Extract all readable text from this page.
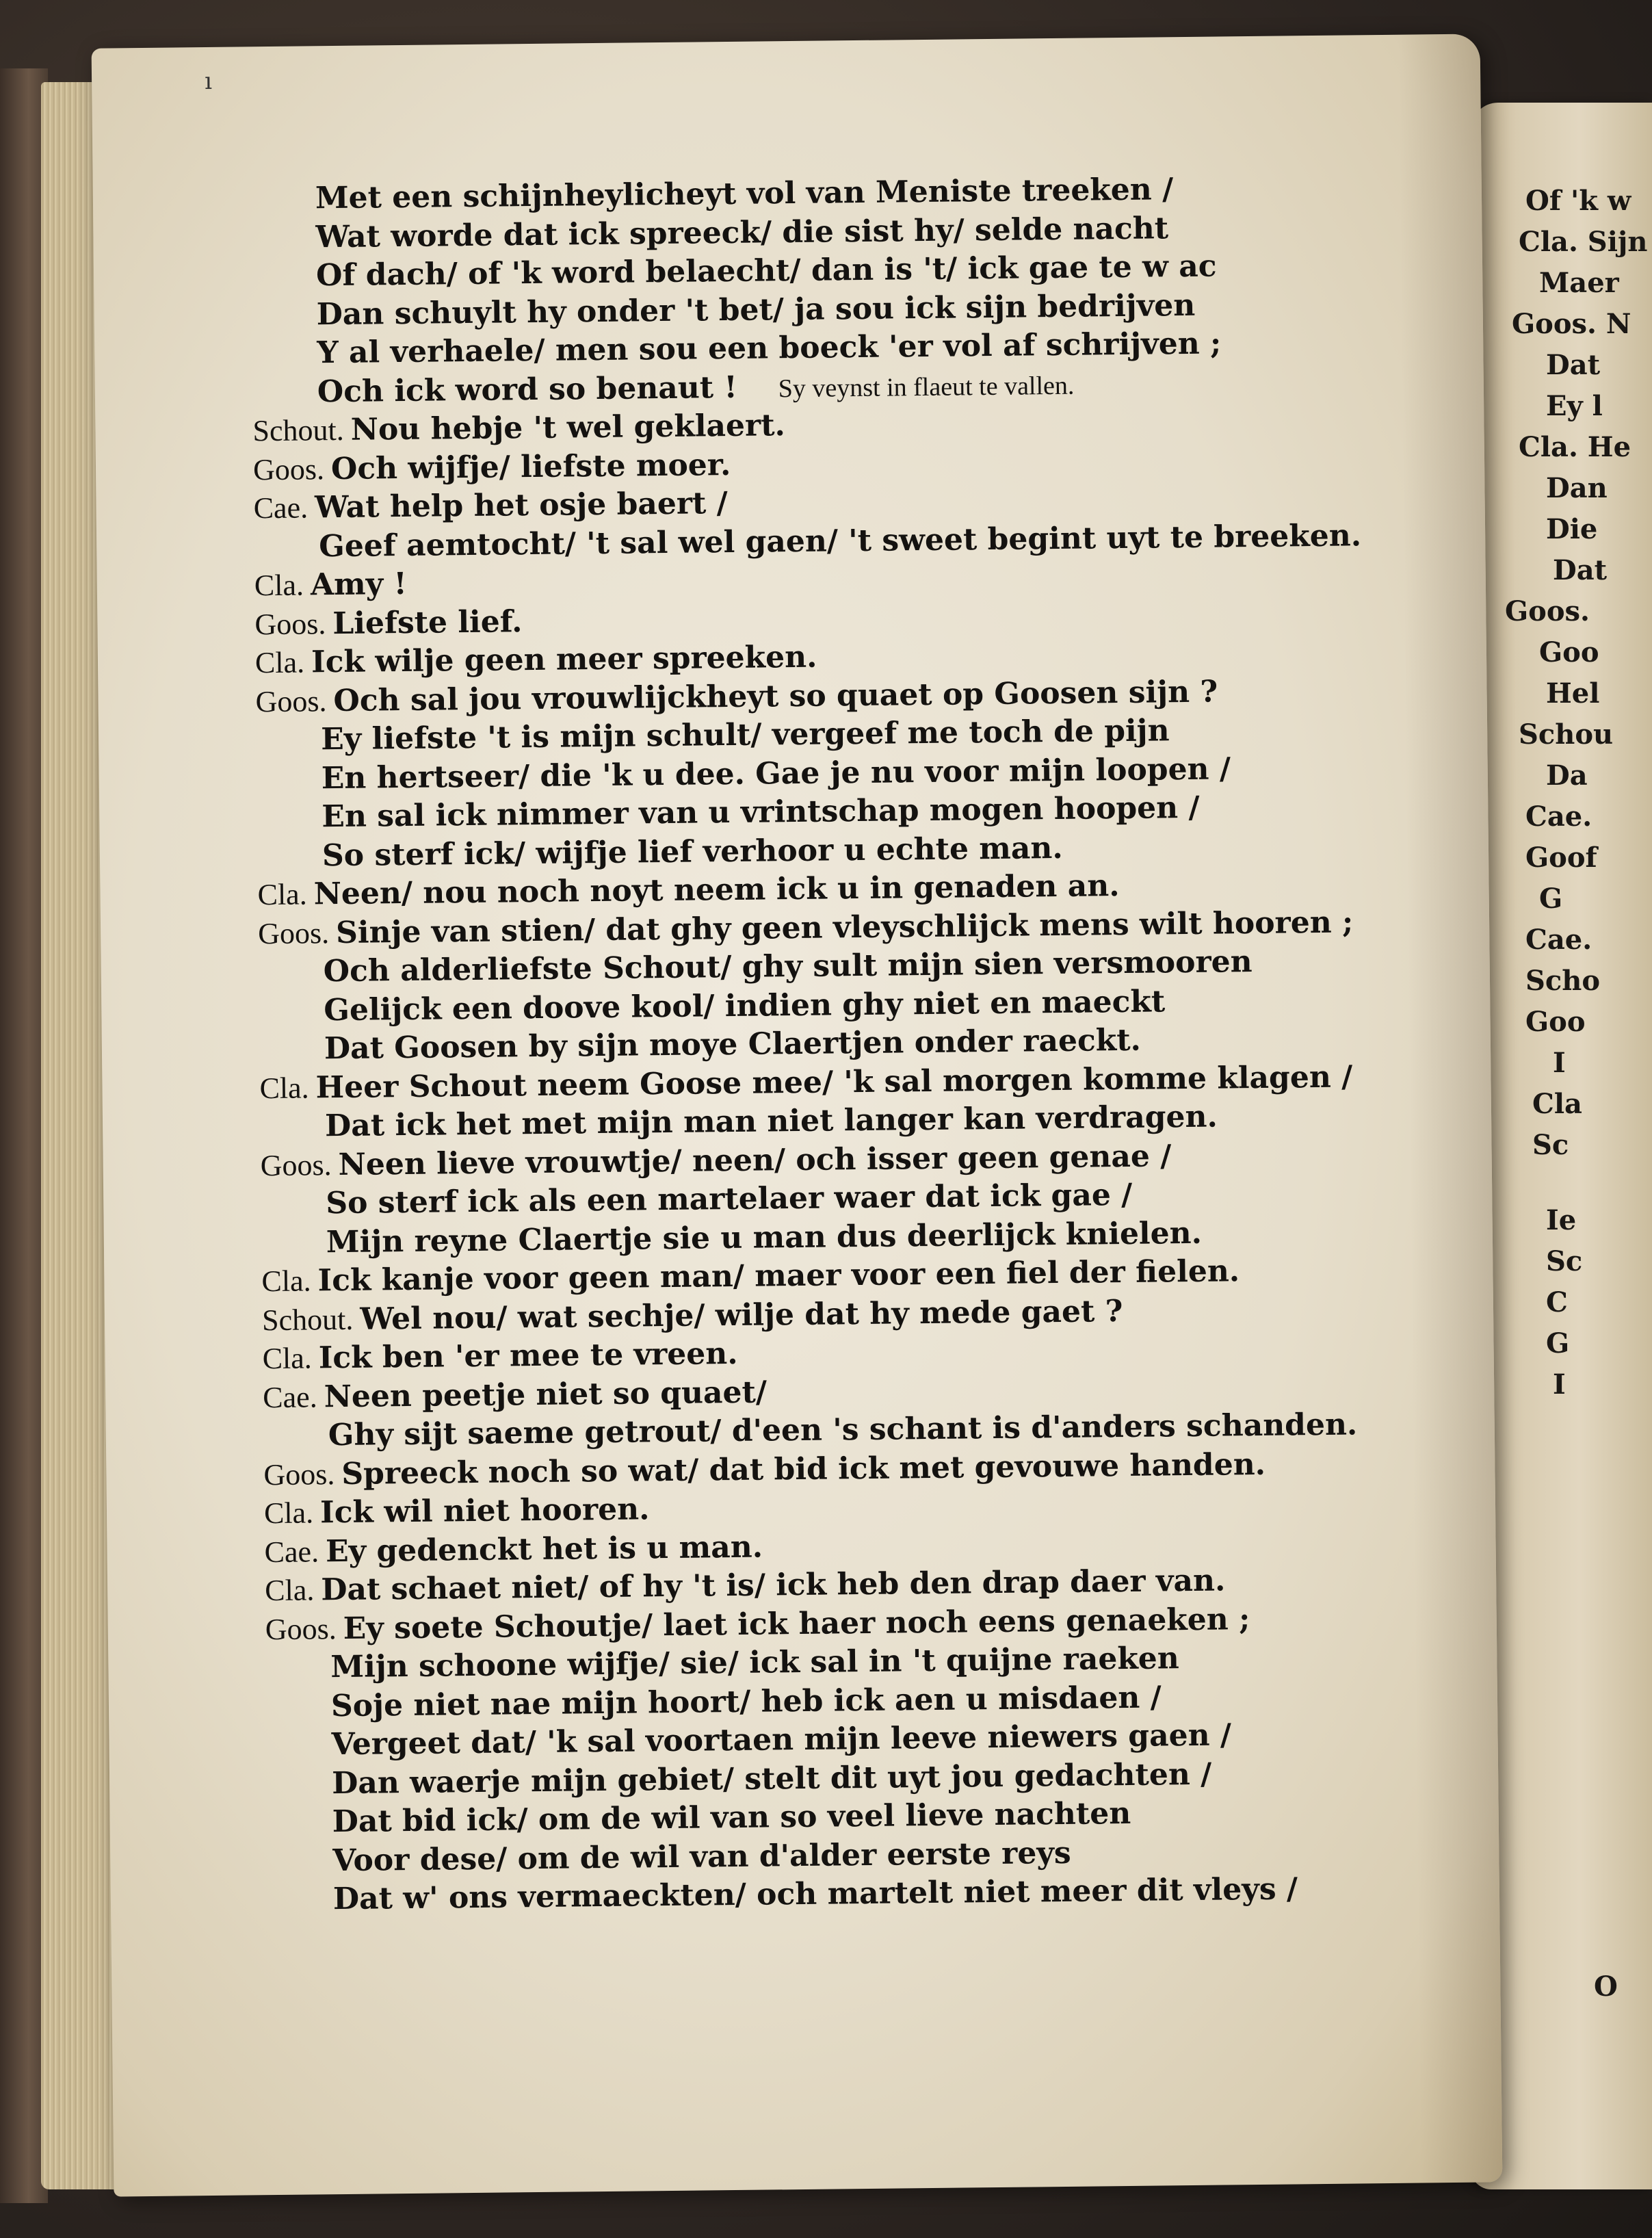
Of 'k w
Cla. Sijn
Maer
Goos. N
Dat
Ey l
Cla. He
Dan
Die
Dat
Goos.
Goo
Hel
Schou
Da
Cae.
Goof
G
Cae.
Scho
Goo
I
Cla
Sc
Ie
Sc
C
G
I
O
ı
Met een schijnheylicheyt vol van Meniste treeken /
Wat worde dat ick spreeck/ die sist hy/ selde nacht
Of dach/ of 'k word belaecht/ dan is 't/ ick gae te w ac
Dan schuylt hy onder 't bet/ ja sou ick sijn bedrijven
Y al verhaele/ men sou een boeck 'er vol af schrijven ;
Och ick word so benaut ! Sy veynst in flaeut te vallen.
Schout. Nou hebje 't wel geklaert.
Goos. Och wijfje/ liefste moer.
Cae. Wat help het osje baert /
Geef aemtocht/ 't sal wel gaen/ 't sweet begint uyt te breeken.
Cla. Amy !
Goos. Liefste lief.
Cla. Ick wilje geen meer spreeken.
Goos. Och sal jou vrouwlijckheyt so quaet op Goosen sijn ?
Ey liefste 't is mijn schult/ vergeef me toch de pijn
En hertseer/ die 'k u dee. Gae je nu voor mijn loopen /
En sal ick nimmer van u vrintschap mogen hoopen /
So sterf ick/ wijfje lief verhoor u echte man.
Cla. Neen/ nou noch noyt neem ick u in genaden an.
Goos. Sinje van stien/ dat ghy geen vleyschlijck mens wilt hooren ;
Och alderliefste Schout/ ghy sult mijn sien versmooren
Gelijck een doove kool/ indien ghy niet en maeckt
Dat Goosen by sijn moye Claertjen onder raeckt.
Cla. Heer Schout neem Goose mee/ 'k sal morgen komme klagen /
Dat ick het met mijn man niet langer kan verdragen.
Goos. Neen lieve vrouwtje/ neen/ och isser geen genae /
So sterf ick als een martelaer waer dat ick gae /
Mijn reyne Claertje sie u man dus deerlijck knielen.
Cla. Ick kanje voor geen man/ maer voor een fiel der fielen.
Schout. Wel nou/ wat sechje/ wilje dat hy mede gaet ?
Cla. Ick ben 'er mee te vreen.
Cae. Neen peetje niet so quaet/
Ghy sijt saeme getrout/ d'een 's schant is d'anders schanden.
Goos. Spreeck noch so wat/ dat bid ick met gevouwe handen.
Cla. Ick wil niet hooren.
Cae. Ey gedenckt het is u man.
Cla. Dat schaet niet/ of hy 't is/ ick heb den drap daer van.
Goos. Ey soete Schoutje/ laet ick haer noch eens genaeken ;
Mijn schoone wijfje/ sie/ ick sal in 't quijne raeken
Soje niet nae mijn hoort/ heb ick aen u misdaen /
Vergeet dat/ 'k sal voortaen mijn leeve niewers gaen /
Dan waerje mijn gebiet/ stelt dit uyt jou gedachten /
Dat bid ick/ om de wil van so veel lieve nachten
Voor dese/ om de wil van d'alder eerste reys
Dat w' ons vermaeckten/ och martelt niet meer dit vleys /
